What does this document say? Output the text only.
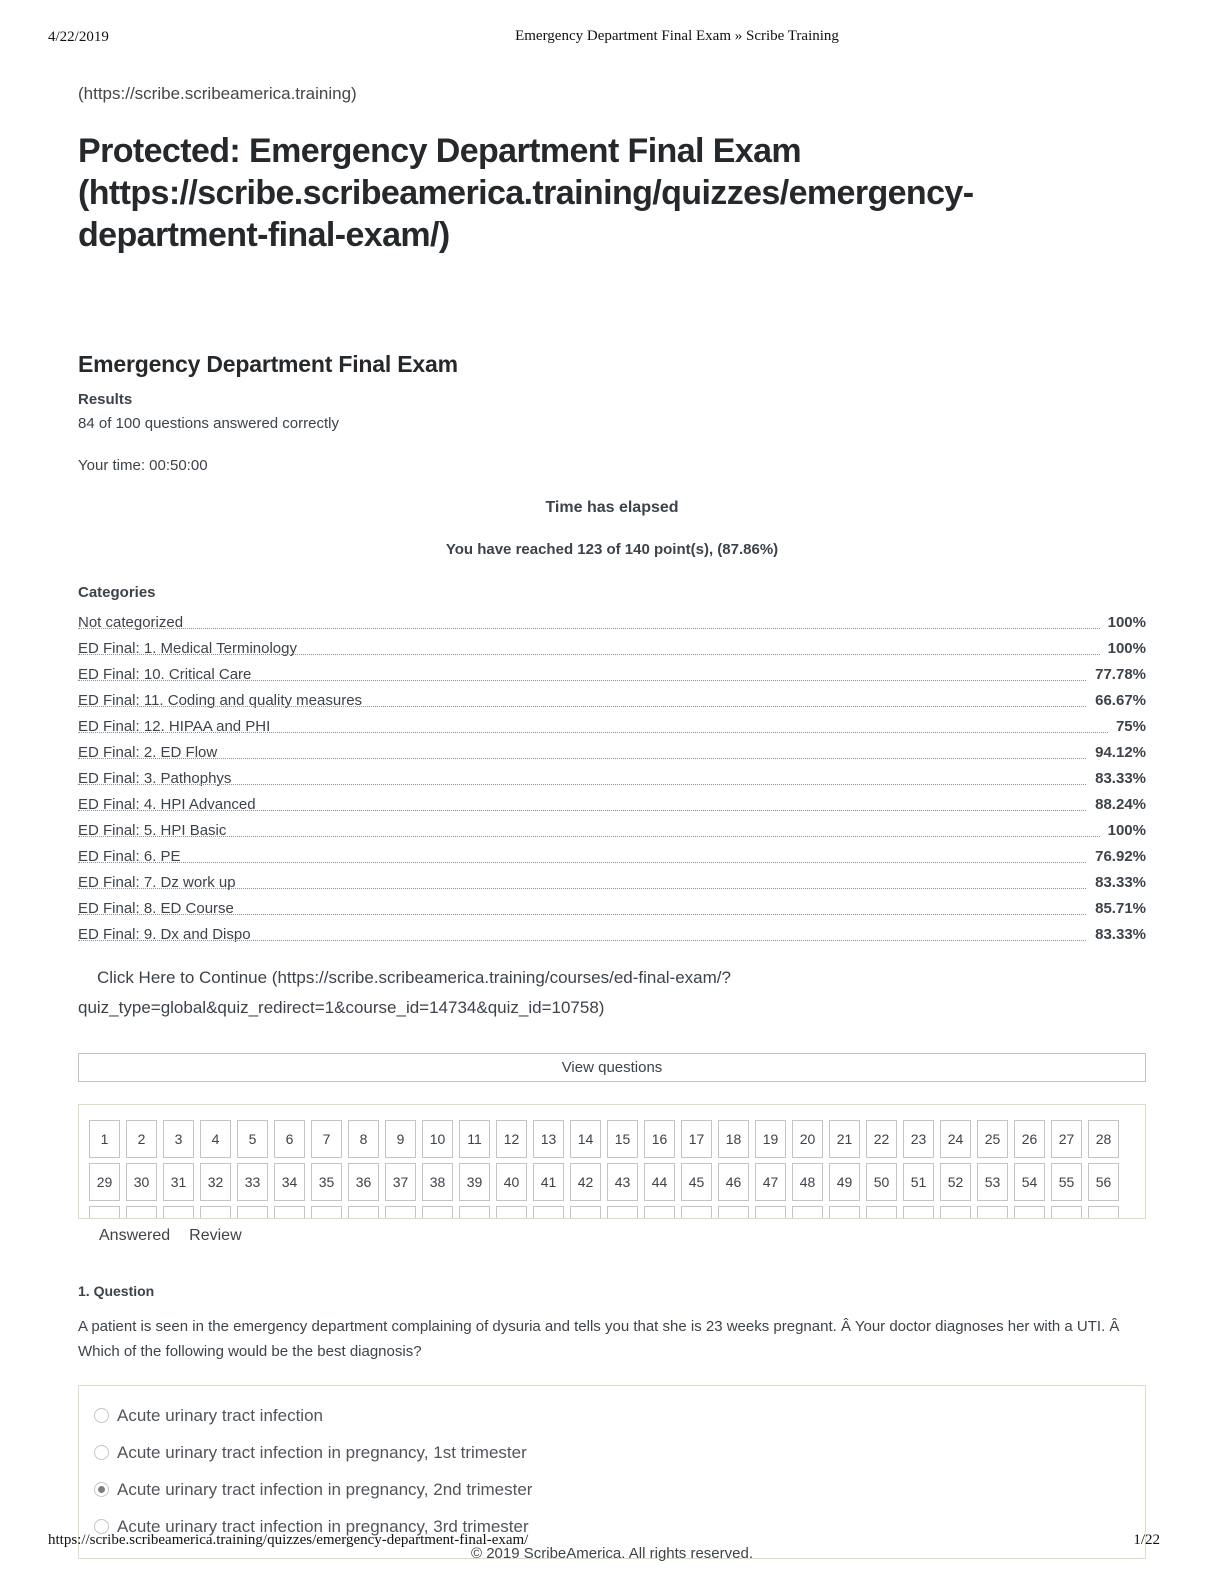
4/22/2019	Emergency Department Final Exam » Scribe Training
(https://scribe.scribeamerica.training)
Protected: Emergency Department Final Exam (https://scribe.scribeamerica.training/quizzes/emergency-department-final-exam/)
Emergency Department Final Exam
Results
84 of 100 questions answered correctly
Your time: 00:50:00
Time has elapsed
You have reached 123 of 140 point(s), (87.86%)
Categories
Not categorized	100%
ED Final: 1. Medical Terminology	100%
ED Final: 10. Critical Care	77.78%
ED Final: 11. Coding and quality measures	66.67%
ED Final: 12. HIPAA and PHI	75%
ED Final: 2. ED Flow	94.12%
ED Final: 3. Pathophys	83.33%
ED Final: 4. HPI Advanced	88.24%
ED Final: 5. HPI Basic	100%
ED Final: 6. PE	76.92%
ED Final: 7. Dz work up	83.33%
ED Final: 8. ED Course	85.71%
ED Final: 9. Dx and Dispo	83.33%
Click Here to Continue (https://scribe.scribeamerica.training/courses/ed-final-exam/?
quiz_type=global&quiz_redirect=1&course_id=14734&quiz_id=10758)
View questions
1	2	3	4	5	6	7	8	9	10	11	12	13	14	15	16	17	18	19	20	21	22	23	24	25	26	27	28
29	30	31	32	33	34	35	36	37	38	39	40	41	42	43	44	45	46	47	48	49	50	51	52	53	54	55	56
Answered Review
1. Question
A patient is seen in the emergency department complaining of dysuria and tells you that she is 23 weeks pregnant. Â Your doctor diagnoses her with a UTI. Â Which of the following would be the best diagnosis?
Acute urinary tract infection
Acute urinary tract infection in pregnancy, 1st trimester
Acute urinary tract infection in pregnancy, 2nd trimester
Acute urinary tract infection in pregnancy, 3rd trimester
© 2019 ScribeAmerica. All rights reserved.
https://scribe.scribeamerica.training/quizzes/emergency-department-final-exam/	1/22
